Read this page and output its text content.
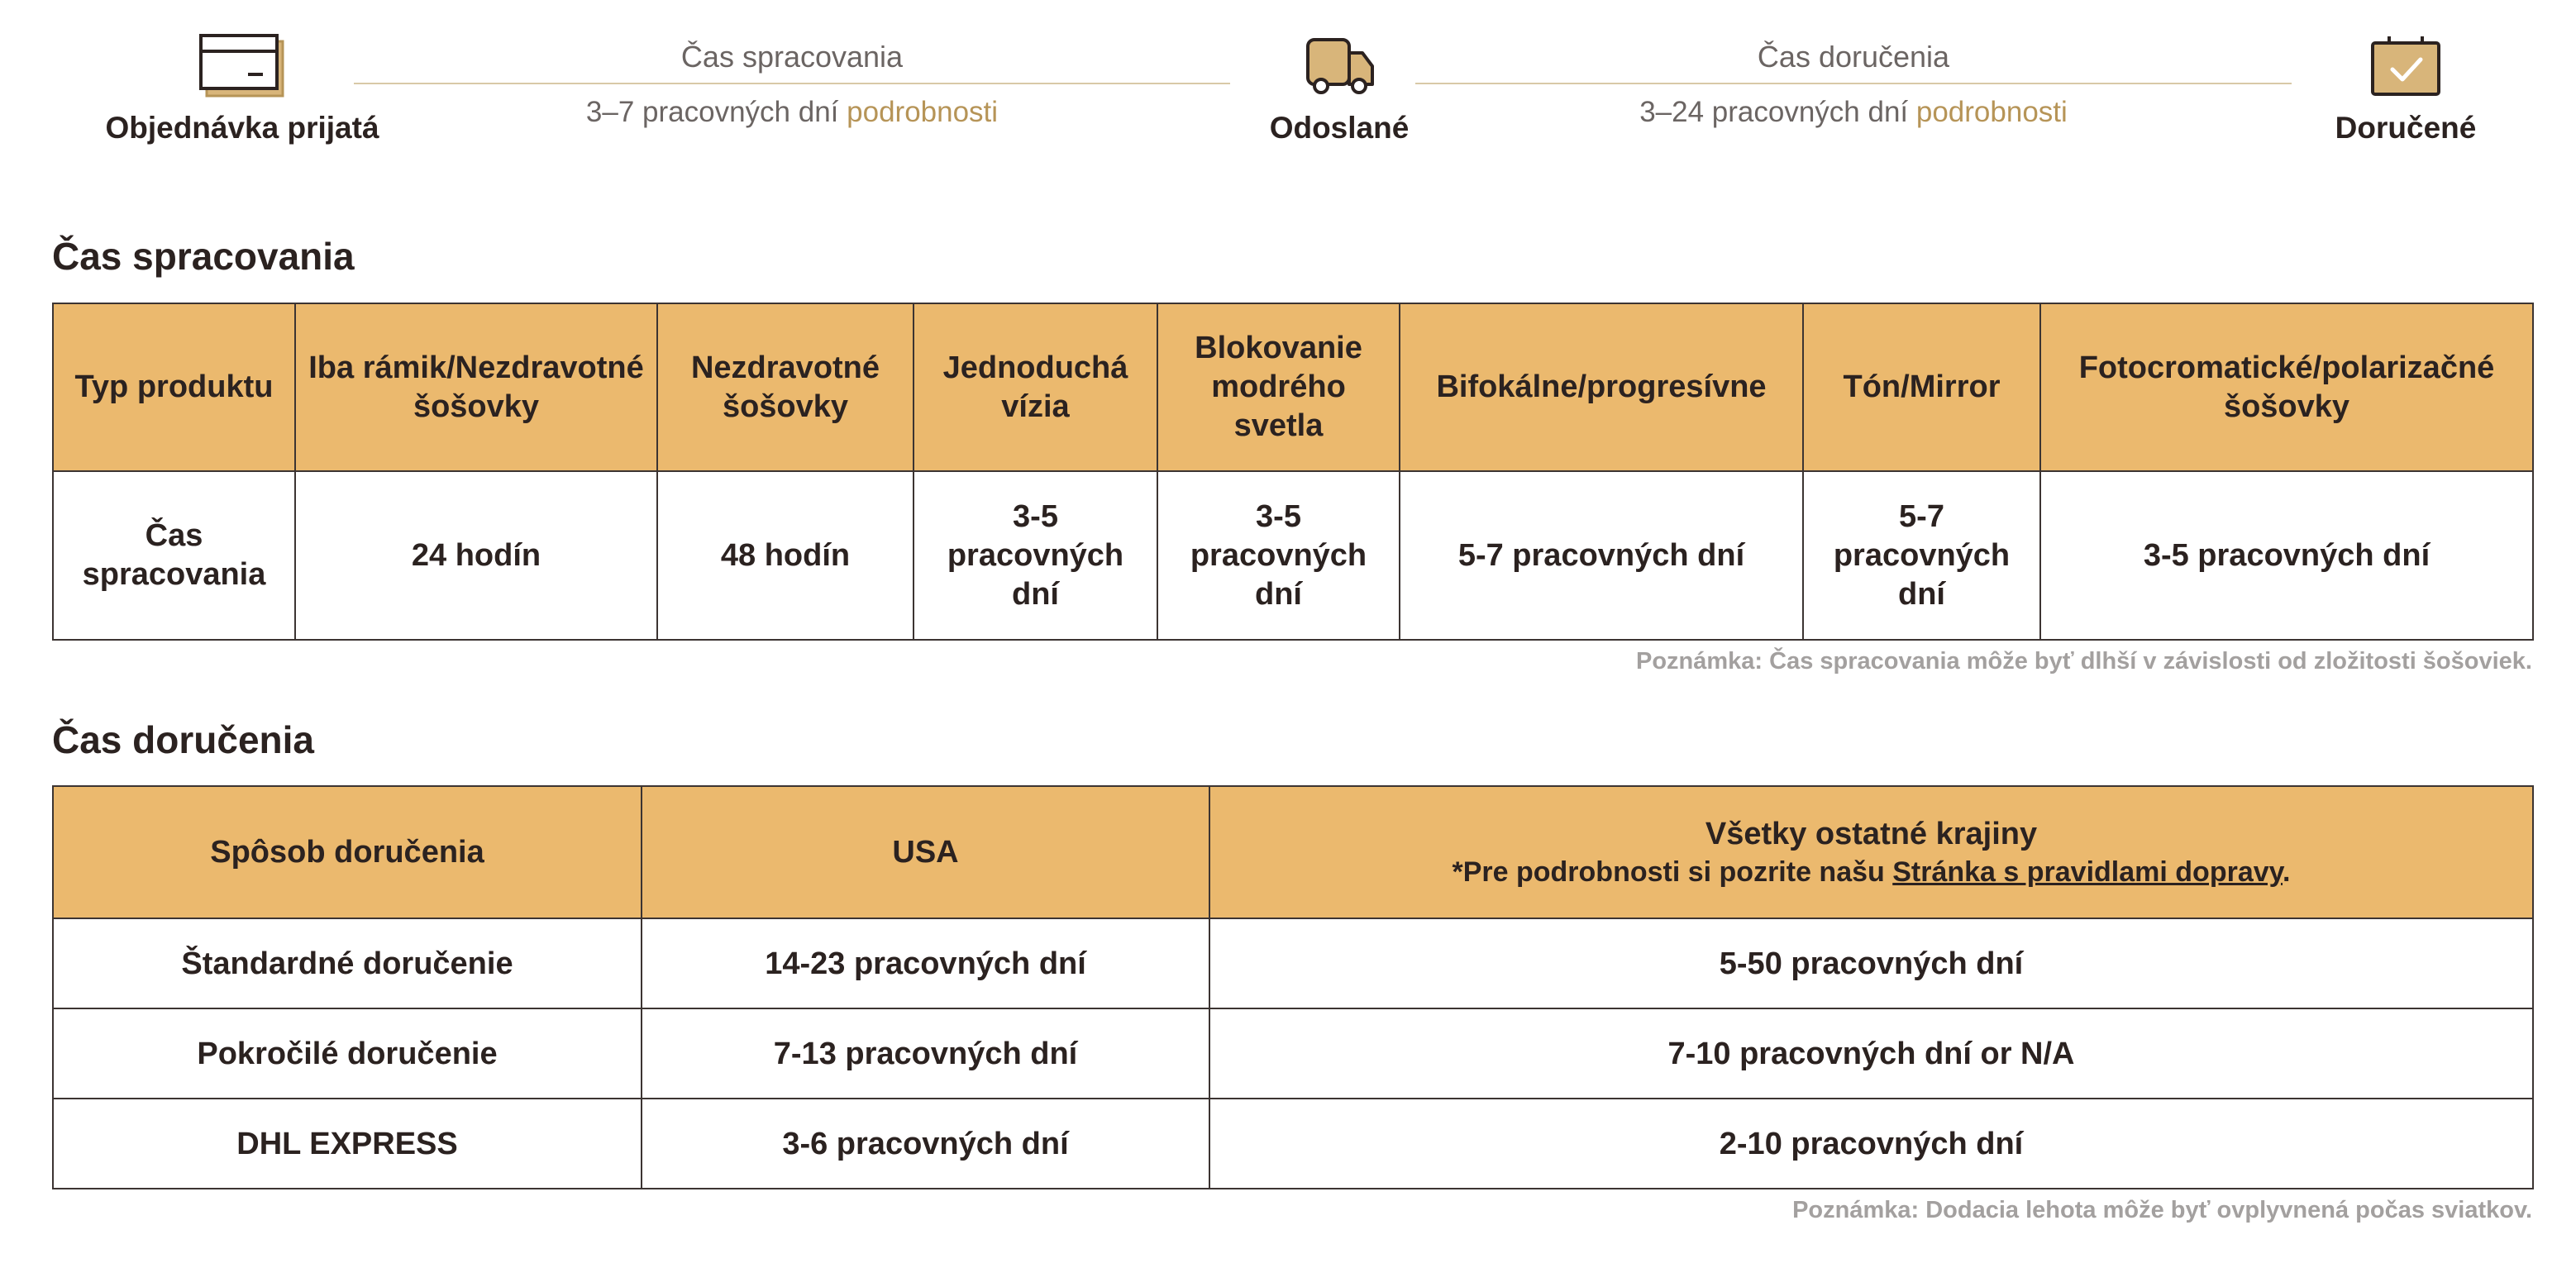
Objednávka prijatá
Čas spracovania
3–7 pracovných dní podrobnosti	Odoslané
Čas doručenia
3–24 pracovných dní podrobnosti	Doručené
Čas spracovania
Typ produktu	Iba rámik/Nezdravotné šošovky	Nezdravotné šošovky	Jednoduchá vízia	Blokovanie modrého svetla	Bifokálne/progresívne	Tón/Mirror	Fotocromatické/polarizačné šošovky
Čas spracovania	24 hodín	48 hodín	3-5 pracovných dní	3-5 pracovných dní	5-7 pracovných dní	5-7 pracovných dní	3-5 pracovných dní
Poznámka: Čas spracovania môže byť dlhší v závislosti od zložitosti šošoviek.
Čas doručenia
Spôsob doručenia	USA	Všetky ostatné krajiny
*Pre podrobnosti si pozrite našu Stránka s pravidlami dopravy.

Štandardné doručenie	14-23 pracovných dní	5-50 pracovných dní
Pokročilé doručenie	7-13 pracovných dní	7-10 pracovných dní or N/A
DHL EXPRESS	3-6 pracovných dní	2-10 pracovných dní
Poznámka: Dodacia lehota môže byť ovplyvnená počas sviatkov.
